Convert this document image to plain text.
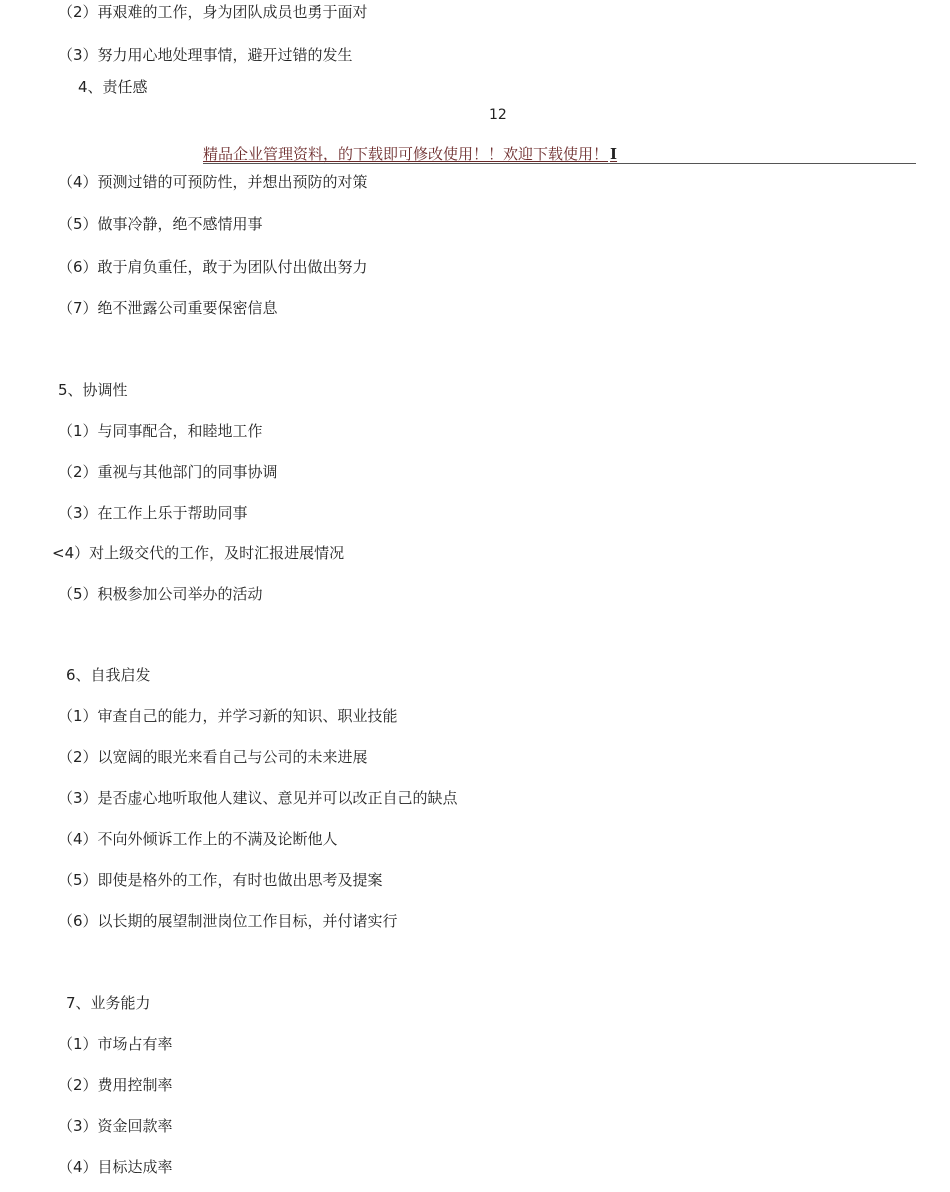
（2）再艰难的工作，身为团队成员也勇于面对
（3）努力用心地处理事情，避开过错的发生
4、责任感
12
精品企业管理资料，的下载即可修改使用！！欢迎下载使用！ I
（4）预测过错的可预防性，并想出预防的对策
（5）做事冷静，绝不感情用事
（6）敢于肩负重任，敢于为团队付出做出努力
（7）绝不泄露公司重要保密信息
5、协调性
（1）与同事配合，和睦地工作
（2）重视与其他部门的同事协调
（3）在工作上乐于帮助同事
<4）对上级交代的工作，及时汇报进展情况
（5）积极参加公司举办的活动
6、自我启发
（1）审查自己的能力，并学习新的知识、职业技能
（2）以宽阔的眼光来看自己与公司的未来进展
（3）是否虚心地听取他人建议、意见并可以改正自己的缺点
（4）不向外倾诉工作上的不满及论断他人
（5）即使是格外的工作，有时也做出思考及提案
（6）以长期的展望制泄岗位工作目标，并付诸实行
7、业务能力
（1）市场占有率
（2）费用控制率
（3）资金回款率
（4）目标达成率
